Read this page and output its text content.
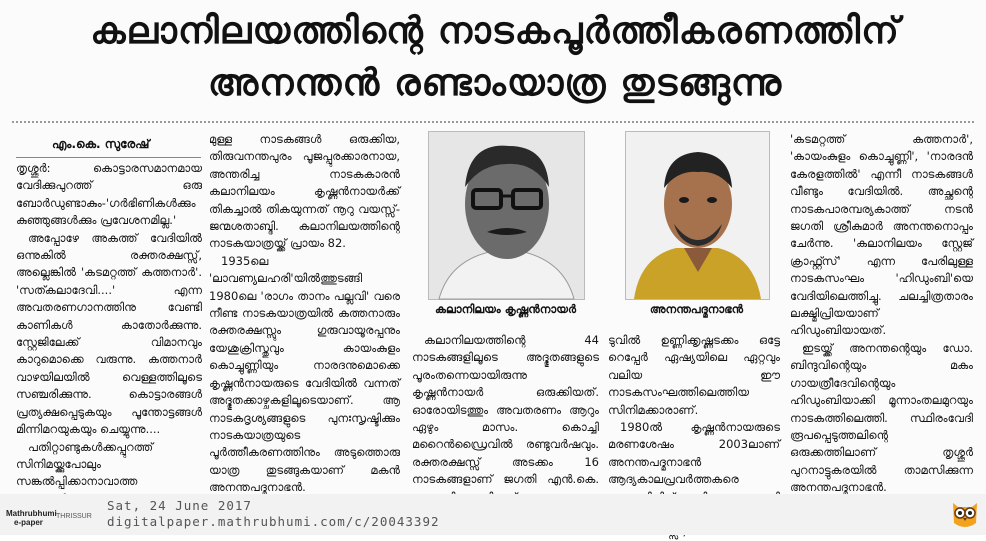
കലാനിലയത്തിന്റെ നാടകപൂർത്തീകരണത്തിന്
അനന്തൻ രണ്ടാംയാത്ര തുടങ്ങുന്നു
എം.കെ. സുരേഷ്

തൃശ്ശൂർ: കൊട്ടാരസമാനമായ വേദിക്കുപുറത്ത് ഒരു ബോർഡുണ്ടാകും-'ഗർഭിണികൾക്കും കുഞ്ഞുങ്ങൾക്കും പ്രവേശനമില്ല.'

അപ്പോഴേ അകത്ത് വേദിയിൽ ഒന്നുകിൽ രക്തരക്ഷസ്സ്, അല്ലെങ്കിൽ 'കടമറ്റത്ത് കത്തനാർ'. 'സത്കലാദേവി....' എന്ന അവതരണഗാനത്തിനു വേണ്ടി കാണികൾ കാതോർക്കുന്നു. സ്റ്റേജിലേക്ക് വിമാനവും കാറുമൊക്കെ വരുന്നു. കത്തനാർ വാഴയിലയിൽ വെള്ളത്തിലൂടെ സഞ്ചരിക്കുന്നു. കൊട്ടാരങ്ങൾ പ്രത്യക്ഷപ്പെടുകയും പൂന്തോട്ടങ്ങൾ മിന്നിമറയുകയും ചെയ്യുന്നു....

പതിറ്റാണ്ടുകൾക്കപ്പുറത്ത് സിനിമയ്ക്കുപോലും സങ്കൽപ്പിക്കാനാവാത്ത

മുള്ള നാടകങ്ങൾ ഒരുക്കിയ, തിരുവനന്തപുരം പൂജപ്പുരക്കാരനായ, അന്തരിച്ച നാടകകാരൻ കലാനിലയം കൃഷ്ണൻനായർക്ക് തികച്ചാൽ തികയുന്നത് നൂറു വയസ്സ്- ജന്മശതാബ്ദി. കലാനിലയത്തിന്റെ നാടകയാത്രയ്ക്ക് പ്രായം 82.

1935ലെ 'ലാവണ്യലഹരി'യിൽത്തുടങ്ങി 1980ലെ 'രാഗം താനം പല്ലവി' വരെ നീണ്ട നാടകയാത്രയിൽ കത്തനാരും രക്തരക്ഷസ്സും ഗുരുവായൂരപ്പനും യേശുക്രിസ്തുവും കായംകുളം കൊച്ചുണ്ണിയും നാരദനുമൊക്കെ കൃഷ്ണൻനായരുടെ വേദിയിൽ വന്നത് അദ്ഭുതക്കാഴ്ചകളിലൂടെയാണ്. ആ നാടകദൃശ്യങ്ങളുടെ പുനഃസൃഷ്ടിക്കും നാടകയാത്രയുടെ പൂർത്തീകരണത്തിനും അടുത്തൊരു യാത്ര തുടങ്ങുകയാണ് മകൻ അനന്തപദ്മനാഭൻ.

കലാനിലയം കൃഷ്ണൻനായർ	അനന്തപദ്മനാഭൻ

കലാനിലയത്തിന്റെ 44 നാടകങ്ങളിലൂടെ അദ്ഭുതങ്ങളുടെ പൂരംതന്നെയായിരുന്നു കൃഷ്ണൻനായർ ഒരുക്കിയത്. ഓരോയിടത്തും അവതരണം ആറും ഏഴും മാസം. കൊച്ചി മറൈൻഡ്രൈവിൽ രണ്ടുവർഷവും. രക്തരക്ഷസ്സ് അടക്കം 16 നാടകങ്ങളാണ് ജഗതി എൻ.കെ.

ടുവിൽ ഉണ്ണിക്കൃഷ്ണടക്കം ഒട്ടേ റെപ്പേർ ഏഷ്യയിലെ ഏറ്റവും വലിയ ഈ നാടകസംഘത്തിലെത്തിയ സിനിമക്കാരാണ്.

1980ൽ കൃഷ്ണൻനായരുടെ മരണശേഷം 2003ലാണ് അനന്തപദ്മനാഭൻ ആദ്യകാലപ്രവർത്തകരെ

'കടമറ്റത്ത് കത്തനാർ', 'കായംകുളം കൊച്ചുണ്ണി', 'നാരദൻ കേരളത്തിൽ' എന്നീ നാടകങ്ങൾ വീണ്ടും വേദിയിൽ. അച്ഛന്റെ നാടകപാരമ്പര്യകാത്ത് നടൻ ജഗതി ശ്രീകുമാർ അനന്തനൊപ്പം ചേർന്നു. 'കലാനിലയം സ്റ്റേജ് ക്രാഫ്റ്റ്സ്' എന്ന പേരിലുള്ള നാടകസംഘം 'ഹിഡുംബി'യെ വേദിയിലെത്തിച്ചു. ചലച്ചിത്രതാരം ലക്ഷ്മിപ്രിയയാണ് ഹിഡുംബിയായത്.

ഇടയ്ക്ക് അനന്തന്റെയും ഡോ. ബിന്ദുവിന്റെയും മകം ഗായത്രീദേവിന്റെയും ഹിഡുംബിയാക്കി മൂന്നാംതലമുറയും നാടകത്തിലെത്തി. സ്ഥിരംവേദി രൂപപ്പെടുത്തലിന്റെ ഒരുക്കത്തിലാണ് തൃശ്ശൂർ പുറനാട്ടുകരയിൽ താമസിക്കുന്ന അനന്തപദ്മനാഭൻ.

Mathrubhumi
e-paper
THRISSUR
Sat, 24 June 2017
digitalpaper.mathrubhumi.com/c/20043392
